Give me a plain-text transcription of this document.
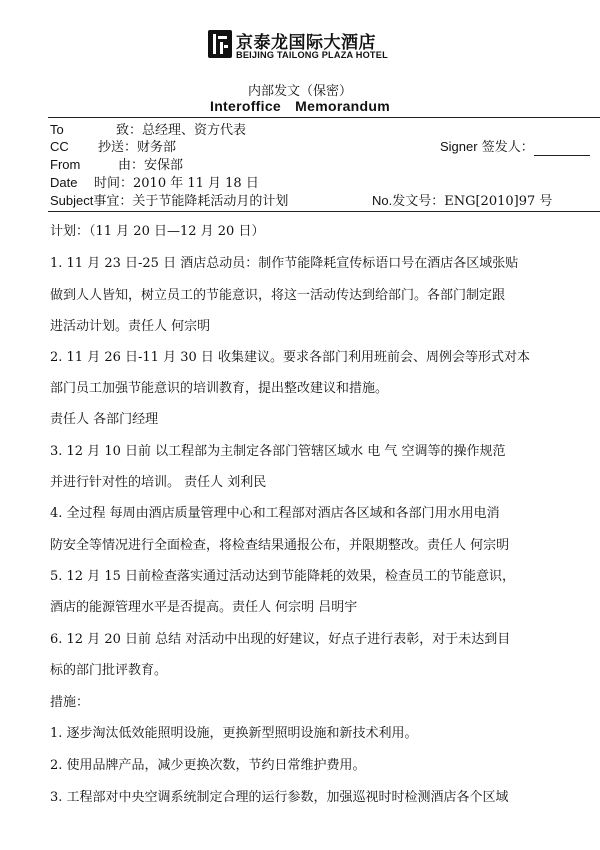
京泰龙国际大酒店
BEIJING TAILONG PLAZA HOTEL
内部发文（保密）
Interoffice Memorandum
To	致：总经理、资方代表
CC 抄送：财务部	Signer 签发人：
From	由：安保部
Date 时间：2010 年 11 月 18 日
Subject事宜：关于节能降耗活动月的计划	No.发文号：ENG[2010]97 号
计划：（11 月 20 日—12 月 20 日）
1. 11 月 23 日-25 日 酒店总动员：制作节能降耗宣传标语口号在酒店各区域张贴
做到人人皆知，树立员工的节能意识，将这一活动传达到给部门。各部门制定跟
进活动计划。责任人 何宗明
2. 11 月 26 日-11 月 30 日 收集建议。要求各部门利用班前会、周例会等形式对本
部门员工加强节能意识的培训教育，提出整改建议和措施。
责任人 各部门经理
3. 12 月 10 日前 以工程部为主制定各部门管辖区域水 电 气 空调等的操作规范
并进行针对性的培训。 责任人 刘利民
4. 全过程 每周由酒店质量管理中心和工程部对酒店各区域和各部门用水用电消
防安全等情况进行全面检查，将检查结果通报公布，并限期整改。责任人 何宗明
5. 12 月 15 日前检查落实通过活动达到节能降耗的效果，检查员工的节能意识，
酒店的能源管理水平是否提高。责任人 何宗明 吕明宇
6. 12 月 20 日前 总结 对活动中出现的好建议，好点子进行表彰，对于未达到目
标的部门批评教育。
措施：
1. 逐步淘汰低效能照明设施，更换新型照明设施和新技术利用。
2. 使用品牌产品，减少更换次数，节约日常维护费用。
3. 工程部对中央空调系统制定合理的运行参数，加强巡视时时检测酒店各个区域
